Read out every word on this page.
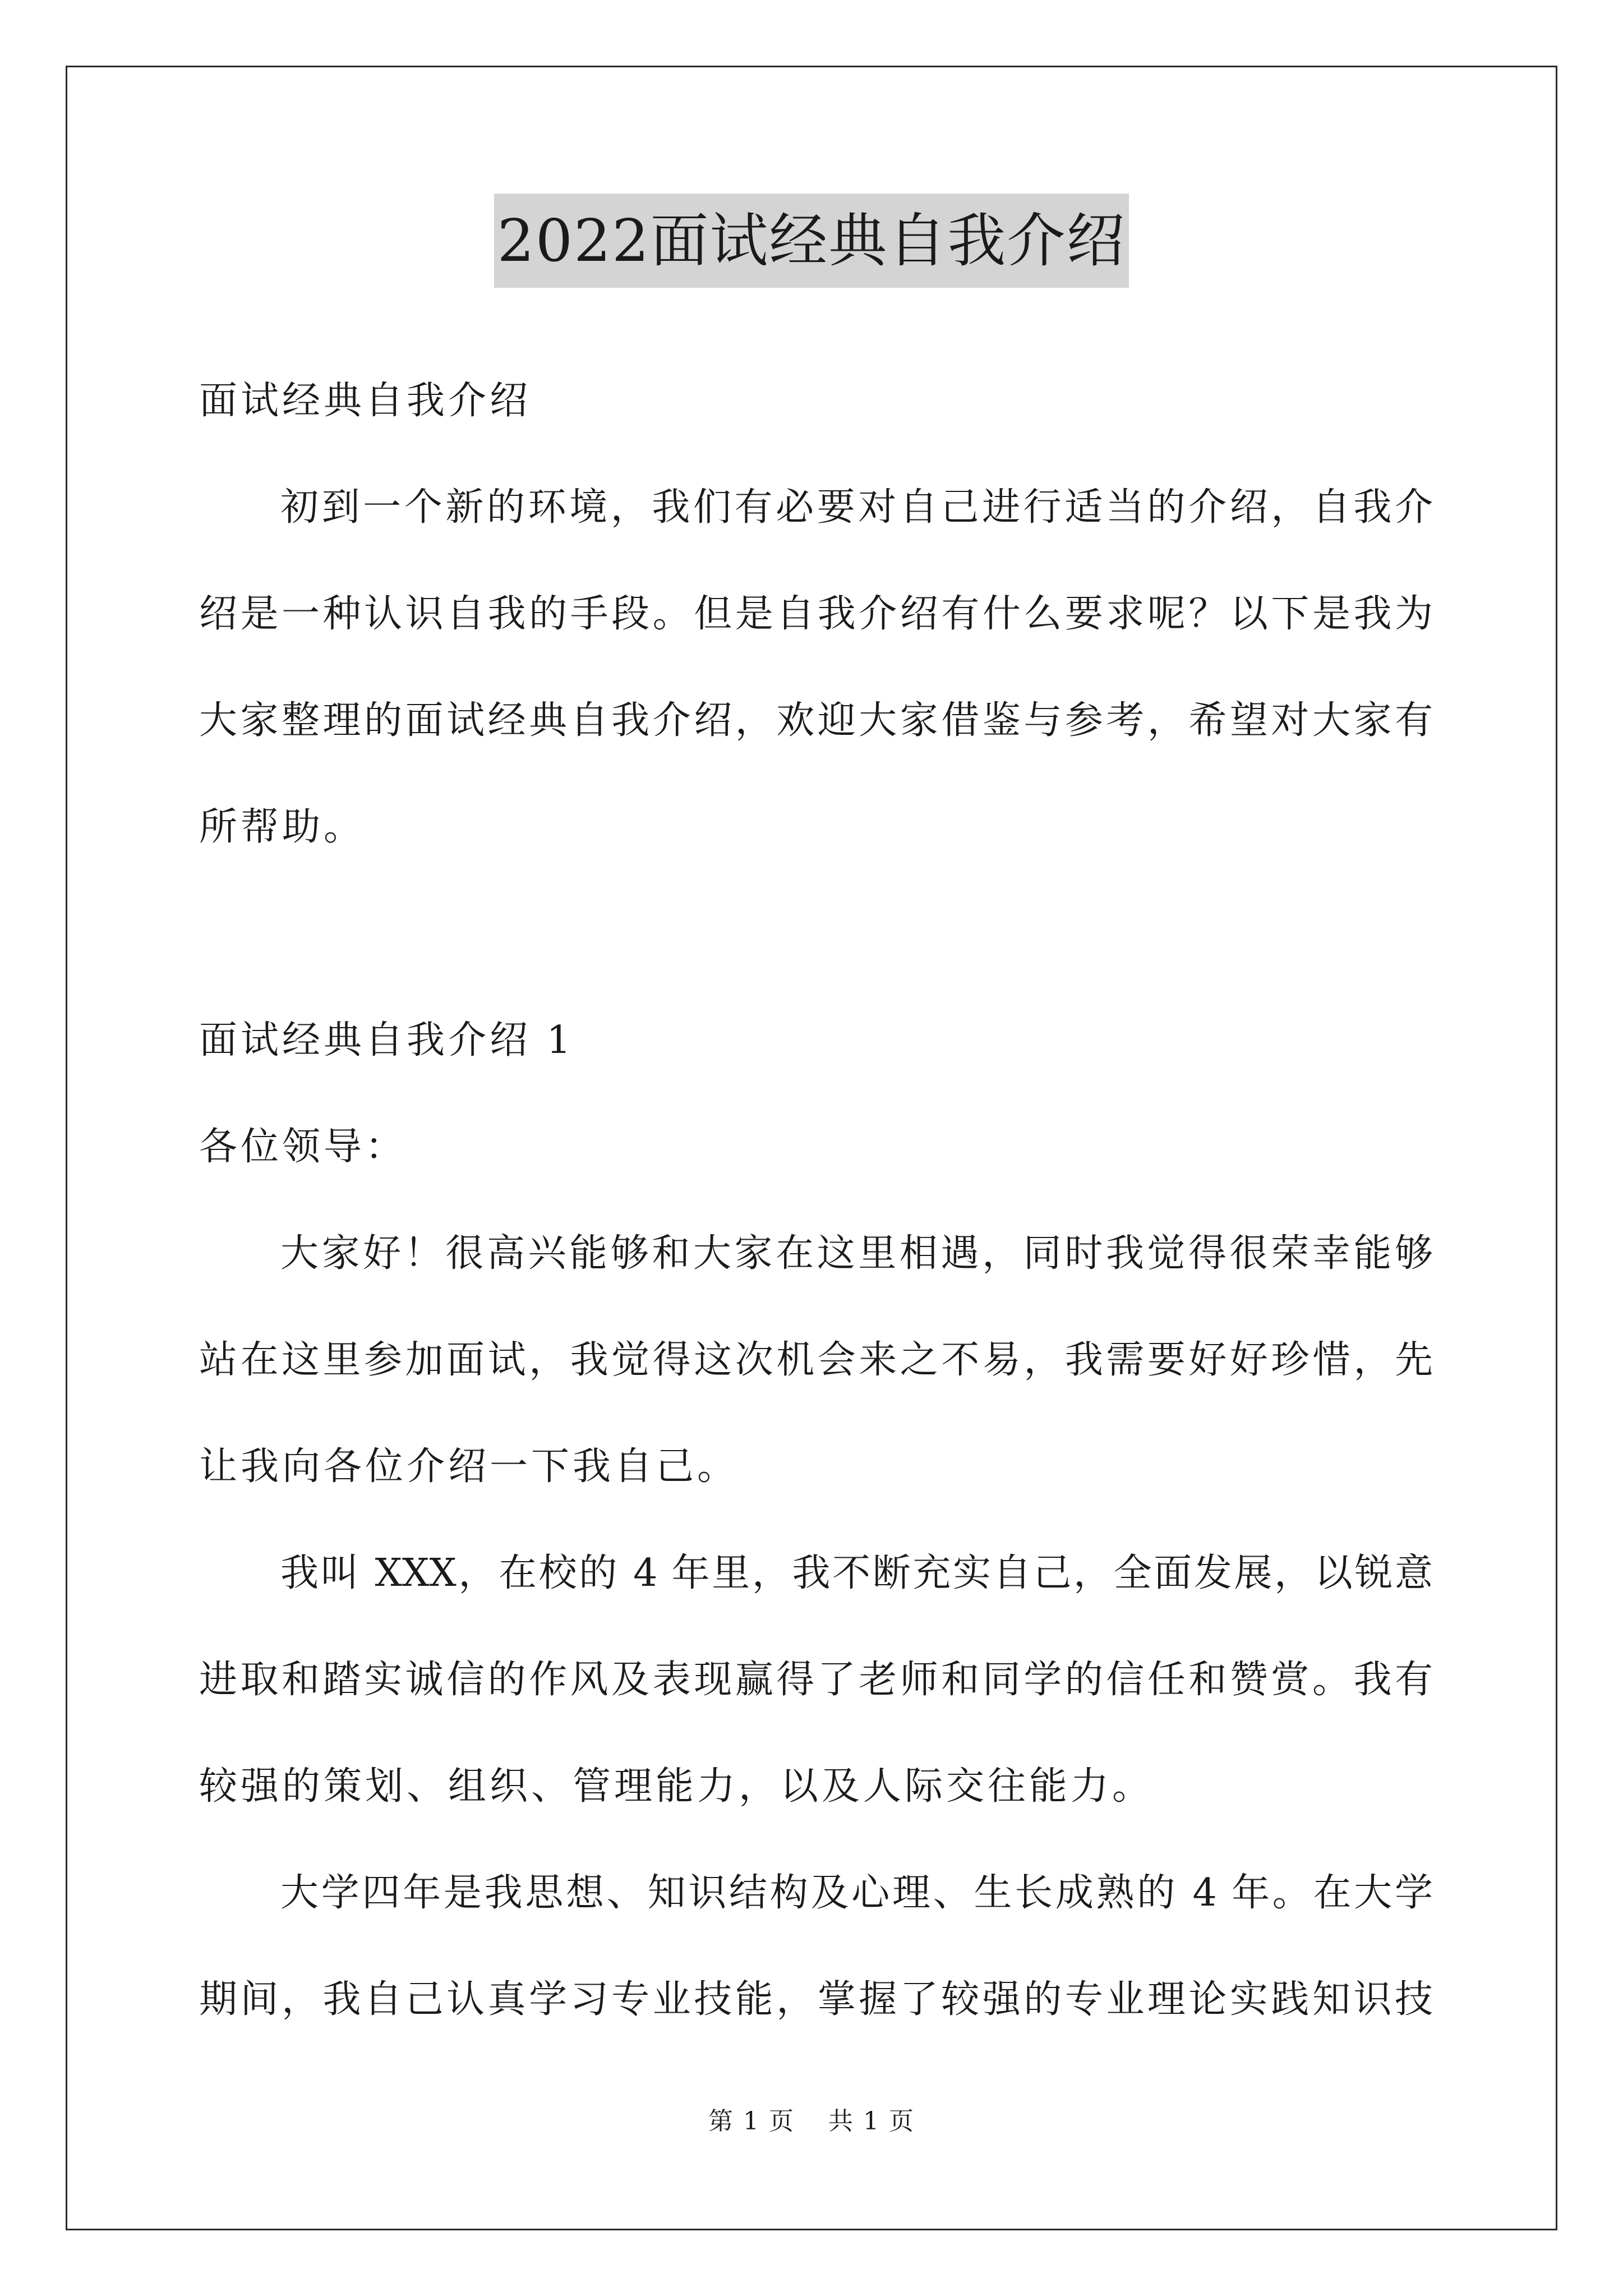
2022面试经典自我介绍
面试经典自我介绍
初到一个新的环境，我们有必要对自己进行适当的介绍，自我介
绍是一种认识自我的手段。但是自我介绍有什么要求呢？以下是我为
大家整理的面试经典自我介绍，欢迎大家借鉴与参考，希望对大家有
所帮助。
面试经典自我介绍 1
各位领导：
大家好！很高兴能够和大家在这里相遇，同时我觉得很荣幸能够
站在这里参加面试，我觉得这次机会来之不易，我需要好好珍惜，先
让我向各位介绍一下我自己。
我叫 XXX，在校的 4 年里，我不断充实自己，全面发展，以锐意
进取和踏实诚信的作风及表现赢得了老师和同学的信任和赞赏。我有
较强的策划、组织、管理能力，以及人际交往能力。
大学四年是我思想、知识结构及心理、生长成熟的 4 年。在大学
期间，我自己认真学习专业技能，掌握了较强的专业理论实践知识技
第 1 页 共 1 页
